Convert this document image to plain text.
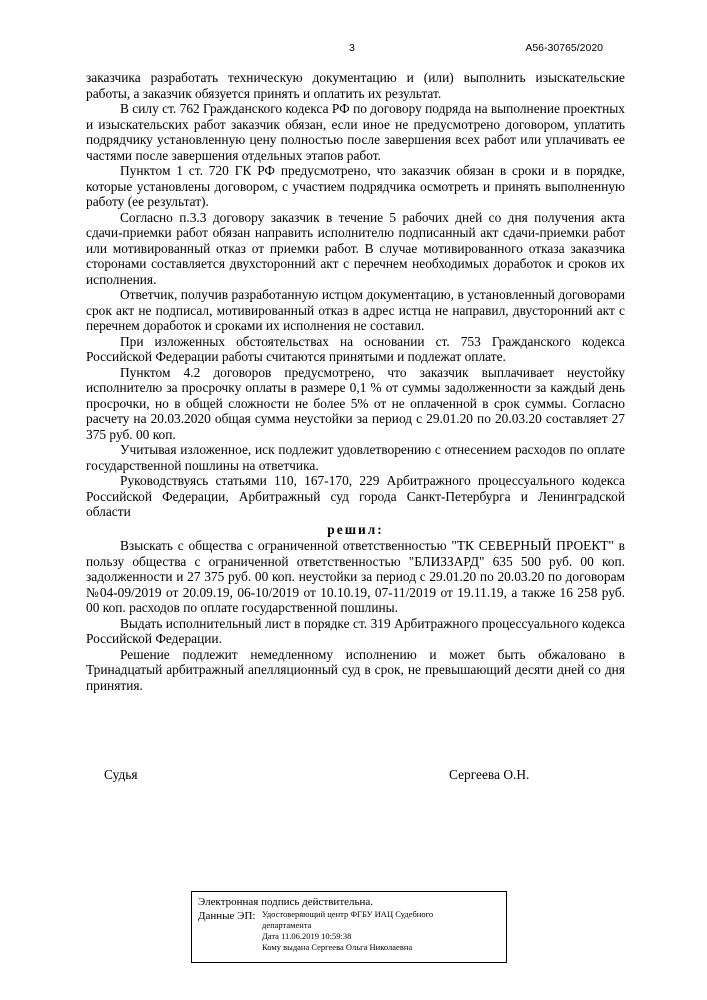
3	А56-30765/2020

заказчика разработать техническую документацию и (или) выполнить изыскательские работы, а заказчик обязуется принять и оплатить их результат.

В силу ст. 762 Гражданского кодекса РФ по договору подряда на выполнение проектных и изыскательских работ заказчик обязан, если иное не предусмотрено договором, уплатить подрядчику установленную цену полностью после завершения всех работ или уплачивать ее частями после завершения отдельных этапов работ.

Пунктом 1 ст. 720 ГК РФ предусмотрено, что заказчик обязан в сроки и в порядке, которые установлены договором, с участием подрядчика осмотреть и принять выполненную работу (ее результат).

Согласно п.3.3 договору заказчик в течение 5 рабочих дней со дня получения акта сдачи-приемки работ обязан направить исполнителю подписанный акт сдачи-приемки работ или мотивированный отказ от приемки работ. В случае мотивированного отказа заказчика сторонами составляется двухсторонний акт с перечнем необходимых доработок и сроков их исполнения.

Ответчик, получив разработанную истцом документацию, в установленный договорами срок акт не подписал, мотивированный отказ в адрес истца не направил, двусторонний акт с перечнем доработок и сроками их исполнения не составил.

При изложенных обстоятельствах на основании ст. 753 Гражданского кодекса Российской Федерации работы считаются принятыми и подлежат оплате.

Пунктом 4.2 договоров предусмотрено, что заказчик выплачивает неустойку исполнителю за просрочку оплаты в размере 0,1 % от суммы задолженности за каждый день просрочки, но в общей сложности не более 5% от не оплаченной в срок суммы. Согласно расчету на 20.03.2020 общая сумма неустойки за период с 29.01.20 по 20.03.20 составляет 27 375 руб. 00 коп.

Учитывая изложенное, иск подлежит удовлетворению с отнесением расходов по оплате государственной пошлины на ответчика.

Руководствуясь статьями 110, 167-170, 229 Арбитражного процессуального кодекса Российской Федерации, Арбитражный суд города Санкт-Петербурга и Ленинградской области

решил:

Взыскать с общества с ограниченной ответственностью "ТК СЕВЕРНЫЙ ПРОЕКТ" в пользу общества с ограниченной ответственностью "БЛИЗЗАРД" 635 500 руб. 00 коп. задолженности и 27 375 руб. 00 коп. неустойки за период с 29.01.20 по 20.03.20 по договорам №04-09/2019 от 20.09.19, 06-10/2019 от 10.10.19, 07-11/2019 от 19.11.19, а также 16 258 руб. 00 коп. расходов по оплате государственной пошлины.

Выдать исполнительный лист в порядке ст. 319 Арбитражного процессуального кодекса Российской Федерации.

Решение подлежит немедленному исполнению и может быть обжаловано в Тринадцатый арбитражный апелляционный суд в срок, не превышающий десяти дней со дня принятия.

Судья	Сергеева О.Н.
Электронная подпись действительна.
Данные ЭП: Удостоверяющий центр ФГБУ ИАЦ Судебного
департамента
Дата 11.06.2019 10:59:38
Кому выдана Сергеева Ольга Николаевна
